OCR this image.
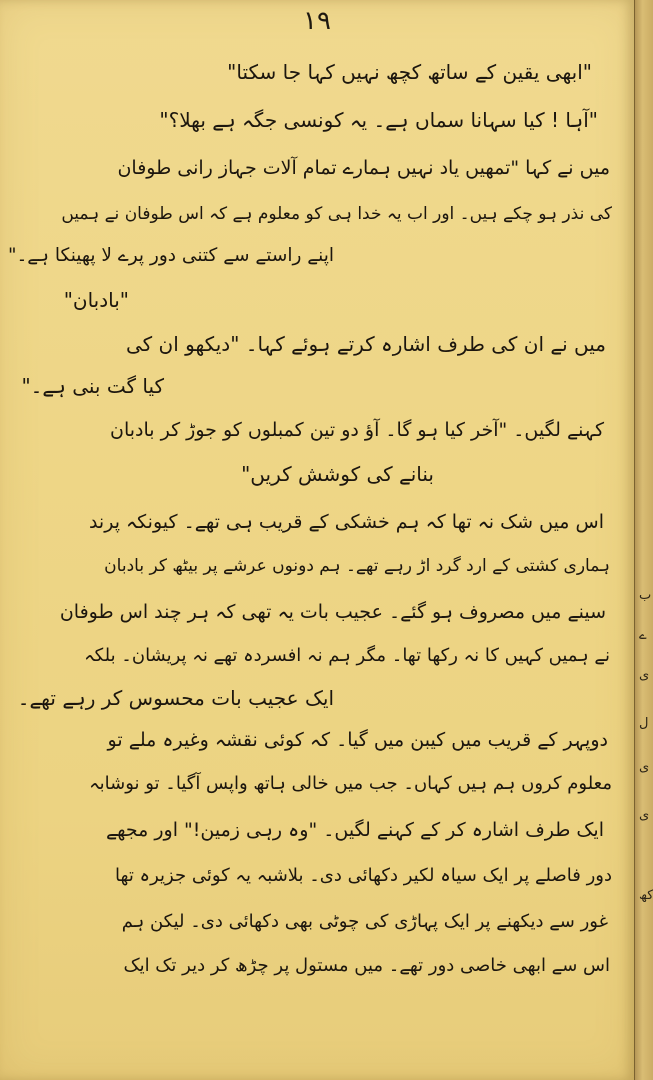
۱۹
"ابھی یقین کے ساتھ کچھ نہیں کہا جا سکتا"
"آہا ! کیا سہانا سماں ہے۔ یہ کونسی جگہ ہے بھلا؟"
میں نے کہا "تمھیں یاد نہیں ہمارے تمام آلات جہاز رانی طوفان
کی نذر ہو چکے ہیں۔ اور اب یہ خدا ہی کو معلوم ہے کہ اس طوفان نے ہمیں
اپنے راستے سے کتنی دور پرے لا پھینکا ہے۔"
"بادبان"
میں نے ان کی طرف اشارہ کرتے ہوئے کہا۔ "دیکھو ان کی
کیا گت بنی ہے۔"
کہنے لگیں۔ "آخر کیا ہو گا۔ آؤ دو تین کمبلوں کو جوڑ کر بادبان
بنانے کی کوشش کریں"
اس میں شک نہ تھا کہ ہم خشکی کے قریب ہی تھے۔ کیونکہ پرند
ہماری کشتی کے ارد گرد اڑ رہے تھے۔ ہم دونوں عرشے پر بیٹھ کر بادبان
سینے میں مصروف ہو گئے۔ عجیب بات یہ تھی کہ ہر چند اس طوفان
نے ہمیں کہیں کا نہ رکھا تھا۔ مگر ہم نہ افسردہ تھے نہ پریشان۔ بلکہ
ایک عجیب بات محسوس کر رہے تھے۔
دوپہر کے قریب میں کیبن میں گیا۔ کہ کوئی نقشہ وغیرہ ملے تو
معلوم کروں ہم ہیں کہاں۔ جب میں خالی ہاتھ واپس آگیا۔ تو نوشابہ
ایک طرف اشارہ کر کے کہنے لگیں۔ "وہ رہی زمین!" اور مجھے
دور فاصلے پر ایک سیاہ لکیر دکھائی دی۔ بلاشبہ یہ کوئی جزیرہ تھا
غور سے دیکھنے پر ایک پہاڑی کی چوٹی بھی دکھائی دی۔ لیکن ہم
اس سے ابھی خاصی دور تھے۔ میں مستول پر چڑھ کر دیر تک ایک
ب
ے
ی
ل
ی
ی
کھ
